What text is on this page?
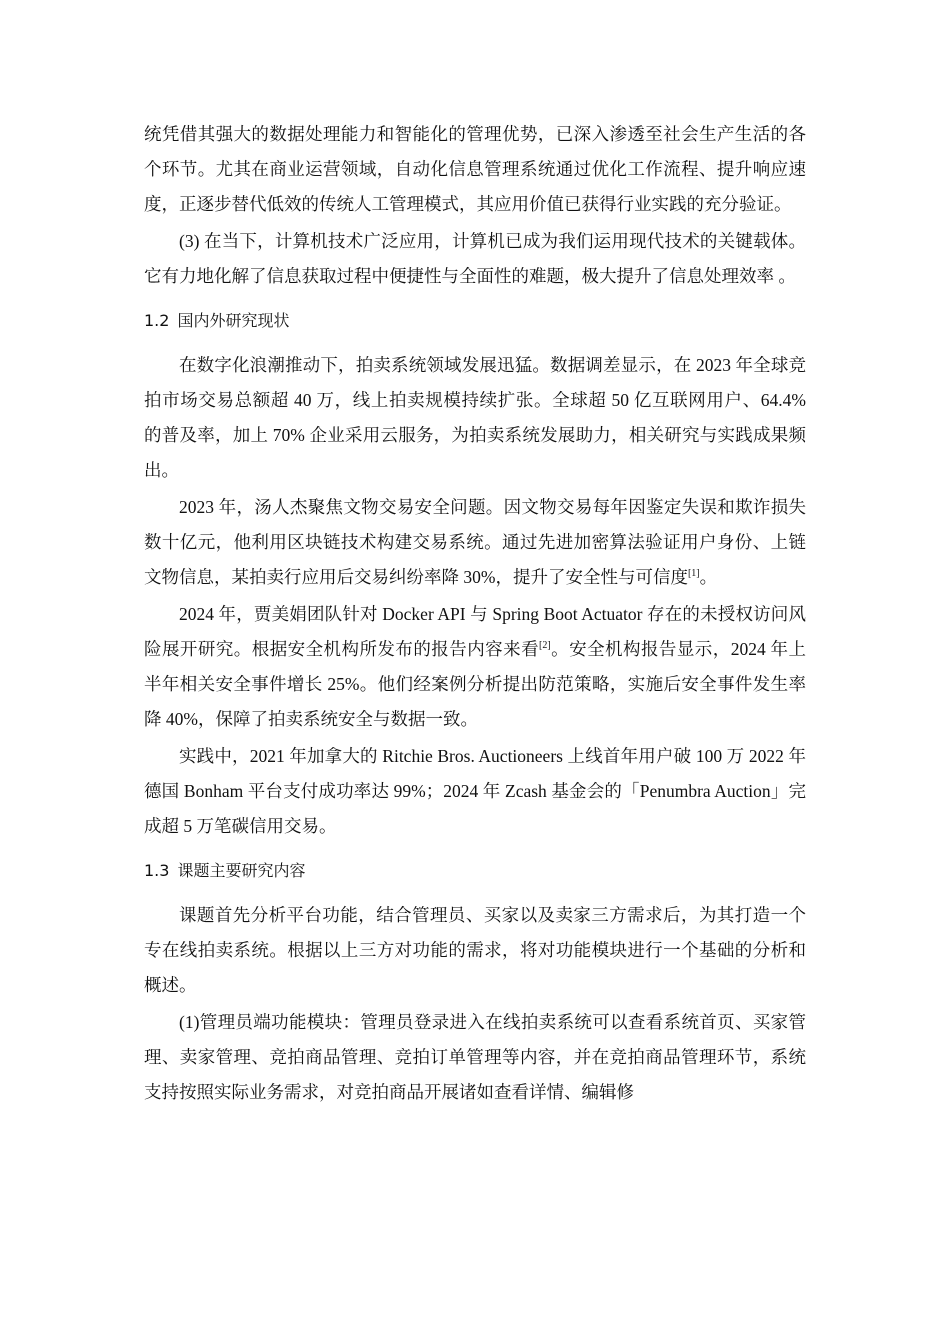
统凭借其强大的数据处理能力和智能化的管理优势，已深入渗透至社会生产生活的各个环节。尤其在商业运营领域，自动化信息管理系统通过优化工作流程、提升响应速度，正逐步替代低效的传统人工管理模式，其应用价值已获得行业实践的充分验证。

(3) 在当下，计算机技术广泛应用，计算机已成为我们运用现代技术的关键载体。它有力地化解了信息获取过程中便捷性与全面性的难题，极大提升了信息处理效率 。

1.2 国内外研究现状

在数字化浪潮推动下，拍卖系统领域发展迅猛。数据调差显示，在 2023 年全球竞拍市场交易总额超 40 万，线上拍卖规模持续扩张。全球超 50 亿互联网用户、64.4% 的普及率，加上 70% 企业采用云服务，为拍卖系统发展助力，相关研究与实践成果频出。

2023 年，汤人杰聚焦文物交易安全问题。因文物交易每年因鉴定失误和欺诈损失数十亿元，他利用区块链技术构建交易系统。通过先进加密算法验证用户身份、上链文物信息，某拍卖行应用后交易纠纷率降 30%，提升了安全性与可信度[1]。

2024 年，贾美娟团队针对 Docker API 与 Spring Boot Actuator 存在的未授权访问风险展开研究。根据安全机构所发布的报告内容来看[2]。安全机构报告显示，2024 年上半年相关安全事件增长 25%。他们经案例分析提出防范策略，实施后安全事件发生率降 40%，保障了拍卖系统安全与数据一致。

实践中，2021 年加拿大的 Ritchie Bros. Auctioneers 上线首年用户破 100 万 2022 年德国 Bonham 平台支付成功率达 99%；2024 年 Zcash 基金会的「Penumbra Auction」完成超 5 万笔碳信用交易。

1.3 课题主要研究内容

课题首先分析平台功能，结合管理员、买家以及卖家三方需求后，为其打造一个专在线拍卖系统。根据以上三方对功能的需求，将对功能模块进行一个基础的分析和概述。

(1)管理员端功能模块：管理员登录进入在线拍卖系统可以查看系统首页、买家管理、卖家管理、竞拍商品管理、竞拍订单管理等内容，并在竞拍商品管理环节，系统支持按照实际业务需求，对竞拍商品开展诸如查看详情、编辑修
